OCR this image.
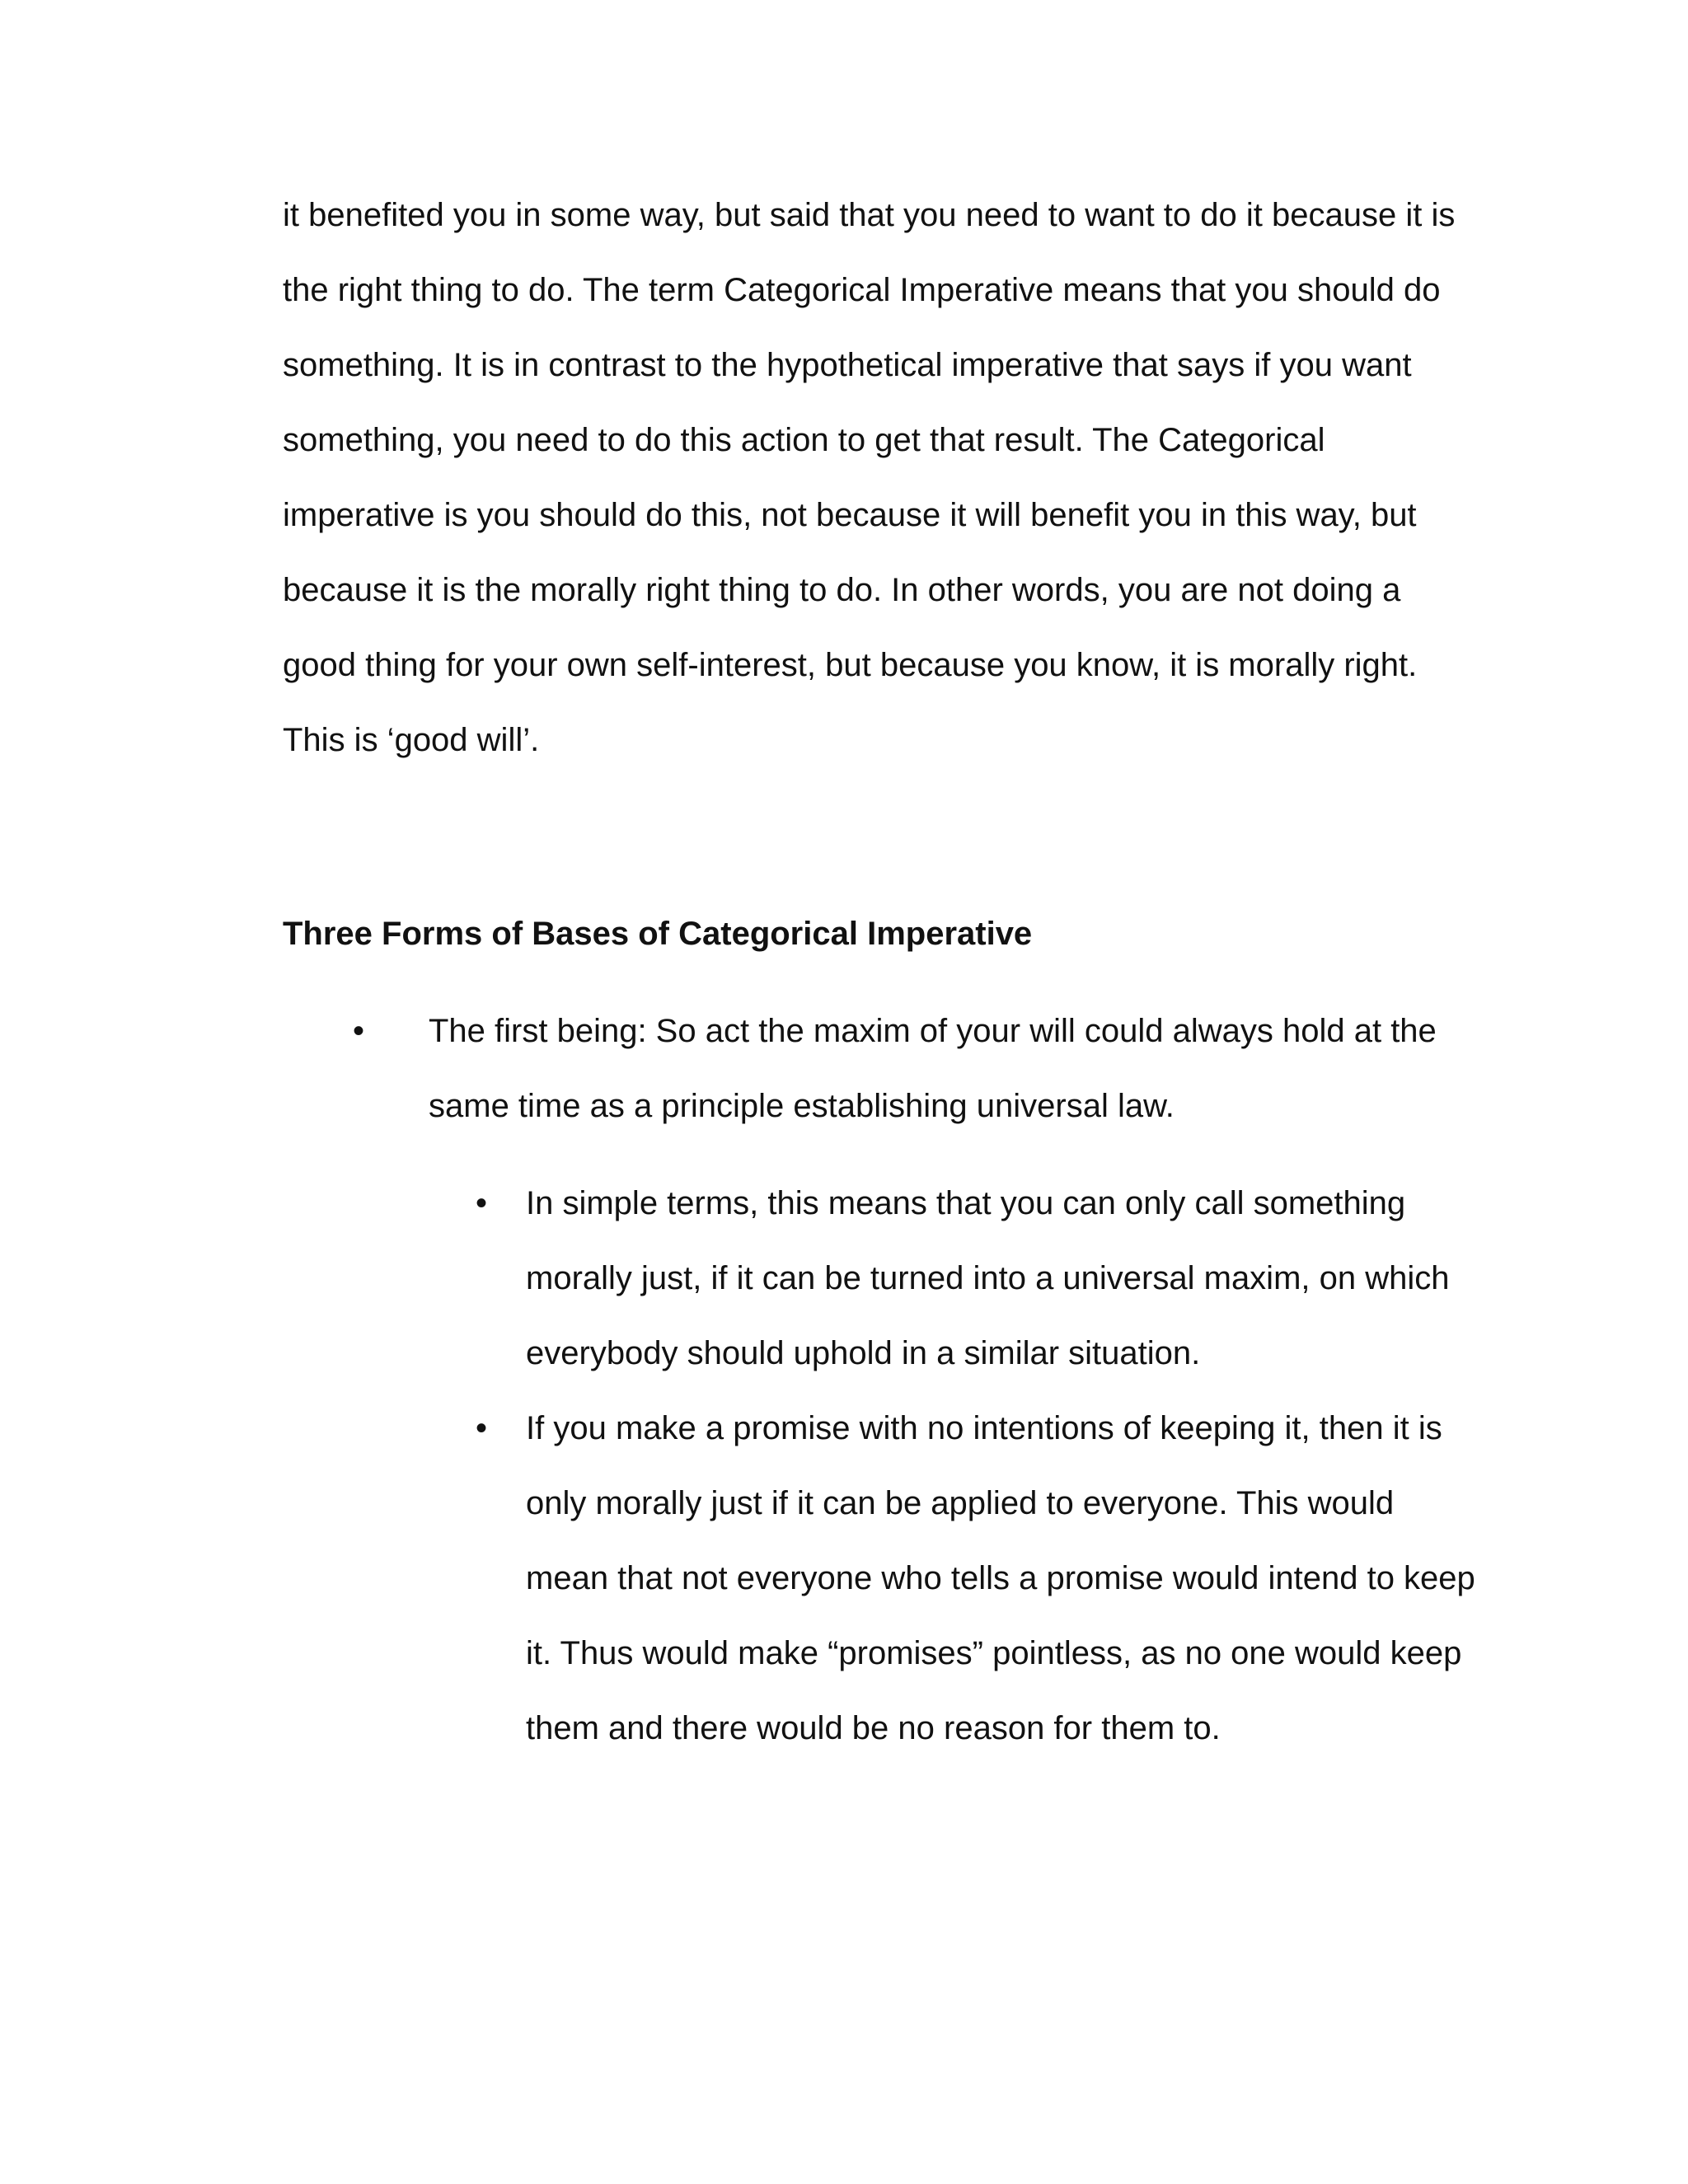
it benefited you in some way, but said that you need to want to do it because it is
the right thing to do. The term Categorical Imperative means that you should do
something. It is in contrast to the hypothetical imperative that says if you want
something, you need to do this action to get that result. The Categorical
imperative is you should do this, not because it will benefit you in this way, but
because it is the morally right thing to do. In other words, you are not doing a
good thing for your own self-interest, but because you know, it is morally right.
This is ‘good will’.
Three Forms of Bases of Categorical Imperative
• The first being: So act the maxim of your will could always hold at the
same time as a principle establishing universal law.
• In simple terms, this means that you can only call something
morally just, if it can be turned into a universal maxim, on which
everybody should uphold in a similar situation.
• If you make a promise with no intentions of keeping it, then it is
only morally just if it can be applied to everyone. This would
mean that not everyone who tells a promise would intend to keep
it. Thus would make “promises” pointless, as no one would keep
them and there would be no reason for them to.
